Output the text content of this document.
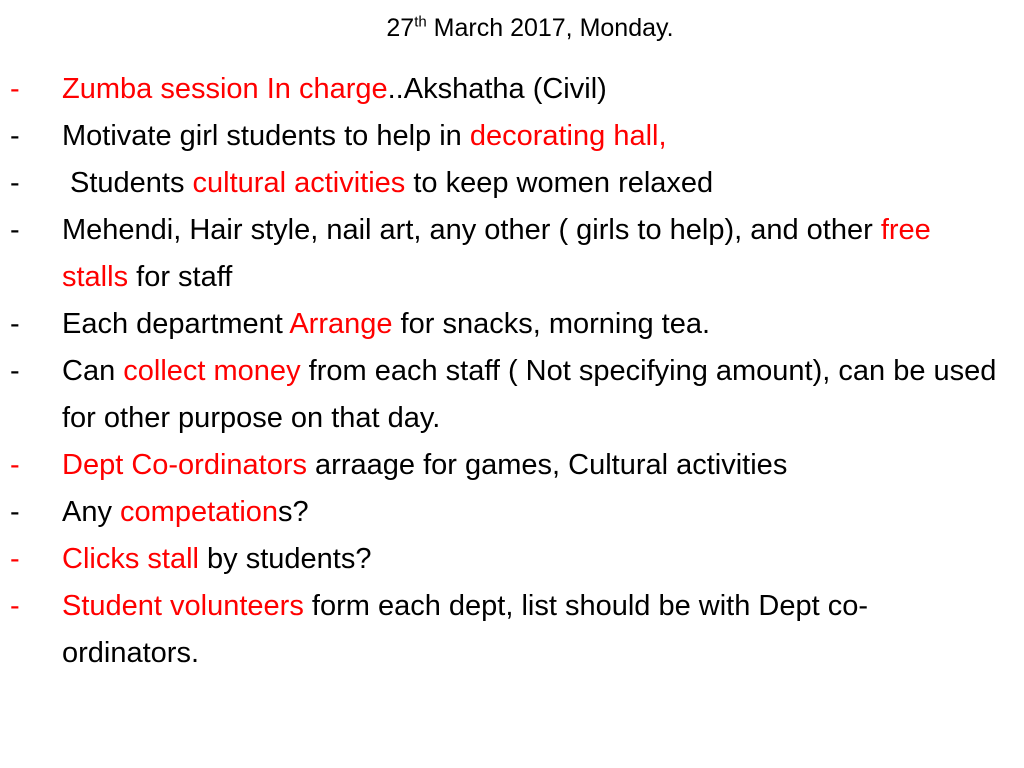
27th March 2017, Monday.
-	Zumba session In charge..Akshatha (Civil)
-	Motivate girl students to help in decorating hall,
-	Students cultural activities to keep women relaxed
-	Mehendi, Hair style, nail art, any other ( girls to help), and other free stalls for staff
-	Each department Arrange for snacks, morning tea.
-	Can collect money from each staff ( Not specifying amount), can be used for other purpose on that day.
-	Dept Co-ordinators arraage for games, Cultural activities
-	Any competations?
-	Clicks stall by students?
-	Student volunteers form each dept, list should be with Dept co-ordinators.
